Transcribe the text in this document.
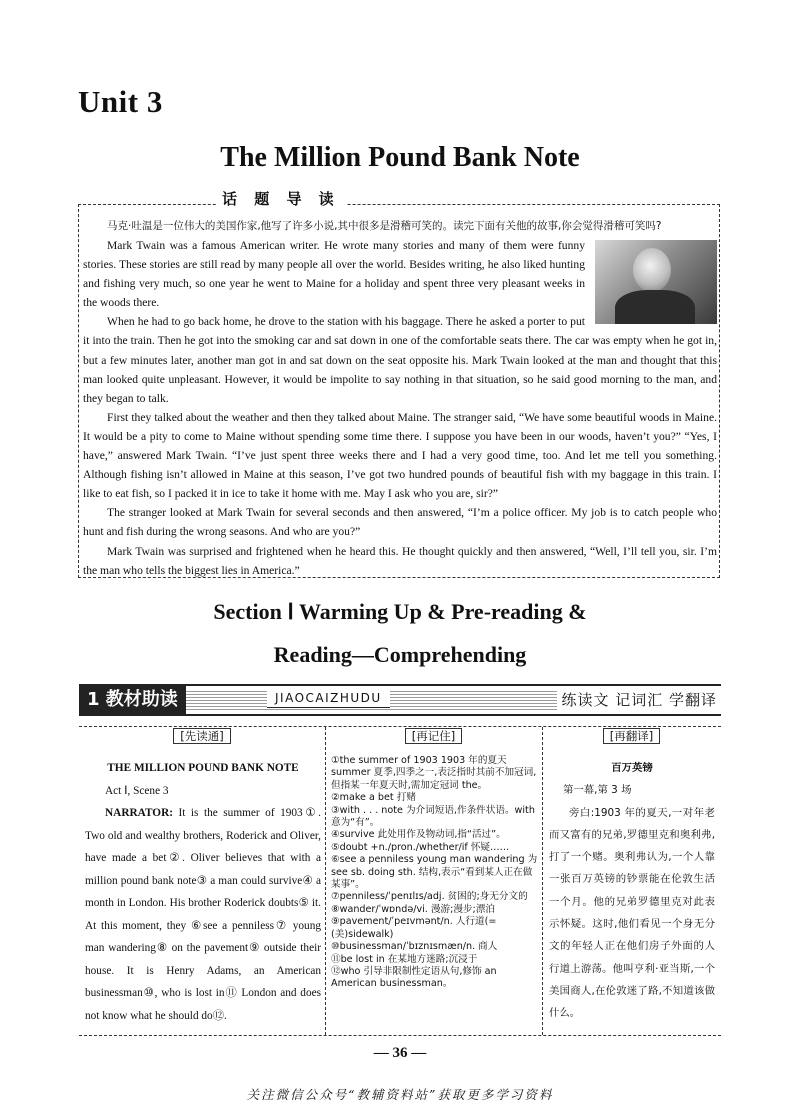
Unit 3
The Million Pound Bank Note
话 题 导 读

马克·吐温是一位伟大的美国作家,他写了许多小说,其中很多是滑稽可笑的。读完下面有关他的故事,你会觉得滑稽可笑吗?

Mark Twain was a famous American writer. He wrote many stories and many of them were funny stories. These stories are still read by many people all over the world. Besides writing, he also liked hunting and fishing very much, so one year he went to Maine for a holiday and spent three very pleasant weeks in the woods there.

When he had to go back home, he drove to the station with his baggage. There he asked a porter to put it into the train. Then he got into the smoking car and sat down in one of the comfortable seats there. The car was empty when he got in, but a few minutes later, another man got in and sat down on the seat opposite his. Mark Twain looked at the man and thought that this man looked quite unpleasant. However, it would be impolite to say nothing in that situation, so he said good morning to the man, and they began to talk.

First they talked about the weather and then they talked about Maine. The stranger said, “We have some beautiful woods in Maine. It would be a pity to come to Maine without spending some time there. I suppose you have been in our woods, haven’t you?” “Yes, I have,” answered Mark Twain. “I’ve just spent three weeks there and I had a very good time, too. And let me tell you something. Although fishing isn’t allowed in Maine at this season, I’ve got two hundred pounds of beautiful fish with my baggage in this train. I like to eat fish, so I packed it in ice to take it home with me. May I ask who you are, sir?”

The stranger looked at Mark Twain for several seconds and then answered, “I’m a police officer. My job is to catch people who hunt and fish during the wrong seasons. And who are you?”

Mark Twain was surprised and frightened when he heard this. He thought quickly and then answered, “Well, I’ll tell you, sir. I’m the man who tells the biggest lies in America.”

Section Ⅰ Warming Up & Pre-reading &
Reading—Comprehending
1 教材助读	JIAOCAIZHUDU	练读文 记词汇 学翻译
[先读通]	[再记住]	[再翻译]
THE MILLION POUND BANK NOTE
Act Ⅰ, Scene 3
NARRATOR: It is the summer of 1903①. Two old and wealthy brothers, Roderick and Oliver, have made a bet②. Oliver believes that with a million pound bank note③ a man could survive④ a month in London. His brother Roderick doubts⑤ it. At this moment, they ⑥see a penniless⑦ young man wandering⑧ on the pavement⑨ outside their house. It is Henry Adams, an American businessman⑩, who is lost in⑪ London and does not know what he should do⑫.
①the summer of 1903 1903 年的夏天 summer 夏季,四季之一,表泛指时其前不加冠词,但指某一年夏天时,需加定冠词 the。
②make a bet 打赌
③with . . . note 为介词短语,作条件状语。with 意为“有”。
④survive 此处用作及物动词,指“活过”。
⑤doubt +n./pron./whether/if 怀疑……
⑥see a penniless young man wandering 为 see sb. doing sth. 结构,表示“看到某人正在做某事”。
⑦penniless/ˈpenɪlɪs/adj. 贫困的;身无分文的
⑧wander/ˈwɒndə/vi. 漫游;漫步;漂泊
⑨pavement/ˈpeɪvmənt/n. 人行道(=(美)sidewalk)
⑩businessman/ˈbɪznɪsmæn/n. 商人
⑪be lost in 在某地方迷路;沉浸于
⑫who 引导非限制性定语从句,修饰 an American businessman。
百万英镑
第一幕,第 3 场
旁白:1903 年的夏天,一对年老而又富有的兄弟,罗德里克和奥利弗,打了一个赌。奥利弗认为,一个人靠一张百万英镑的钞票能在伦敦生活一个月。他的兄弟罗德里克对此表示怀疑。这时,他们看见一个身无分文的年轻人正在他们房子外面的人行道上游荡。他叫亨利·亚当斯,一个美国商人,在伦敦迷了路,不知道该做什么。
— 36 —
关注微信公众号“教辅资料站”获取更多学习资料
